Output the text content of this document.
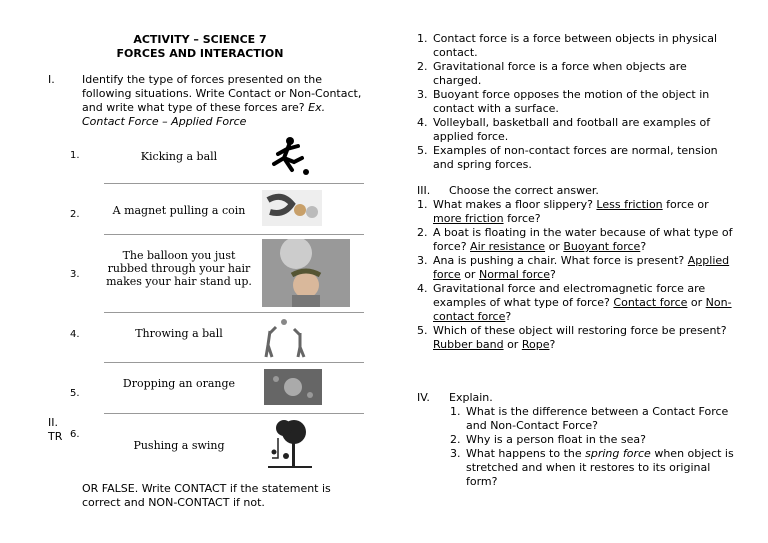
ACTIVITY – SCIENCE 7
FORCES AND INTERACTION
I. Identify the type of forces presented on the
following situations. Write Contact or Non-Contact,
and write what type of these forces are? Ex.
Contact Force – Applied Force
Kicking a ball
A magnet pulling a coin
The balloon you just rubbed through your hair makes your hair stand up.
Throwing a ball
Dropping an orange
Pushing a swing
1.
2.
3.
4.
5.
6.
II.
TR
OR FALSE. Write CONTACT if the statement is
correct and NON-CONTACT if not.
1. Contact force is a force between objects in physical
contact.
2. Gravitational force is a force when objects are
charged.
3. Buoyant force opposes the motion of the object in
contact with a surface.
4. Volleyball, basketball and football are examples of
applied force.
5. Examples of non-contact forces are normal, tension
and spring forces.
III. Choose the correct answer.
1. What makes a floor slippery? Less friction force or
more friction force?
2. A boat is floating in the water because of what type of
force? Air resistance or Buoyant force?
3. Ana is pushing a chair. What force is present? Applied
force or Normal force?
4. Gravitational force and electromagnetic force are
examples of what type of force? Contact force or Non-
contact force?
5. Which of these object will restoring force be present?
Rubber band or Rope?
IV. Explain.
1. What is the difference between a Contact Force
and Non-Contact Force?
2. Why is a person float in the sea?
3. What happens to the spring force when object is
stretched and when it restores to its original
form?
